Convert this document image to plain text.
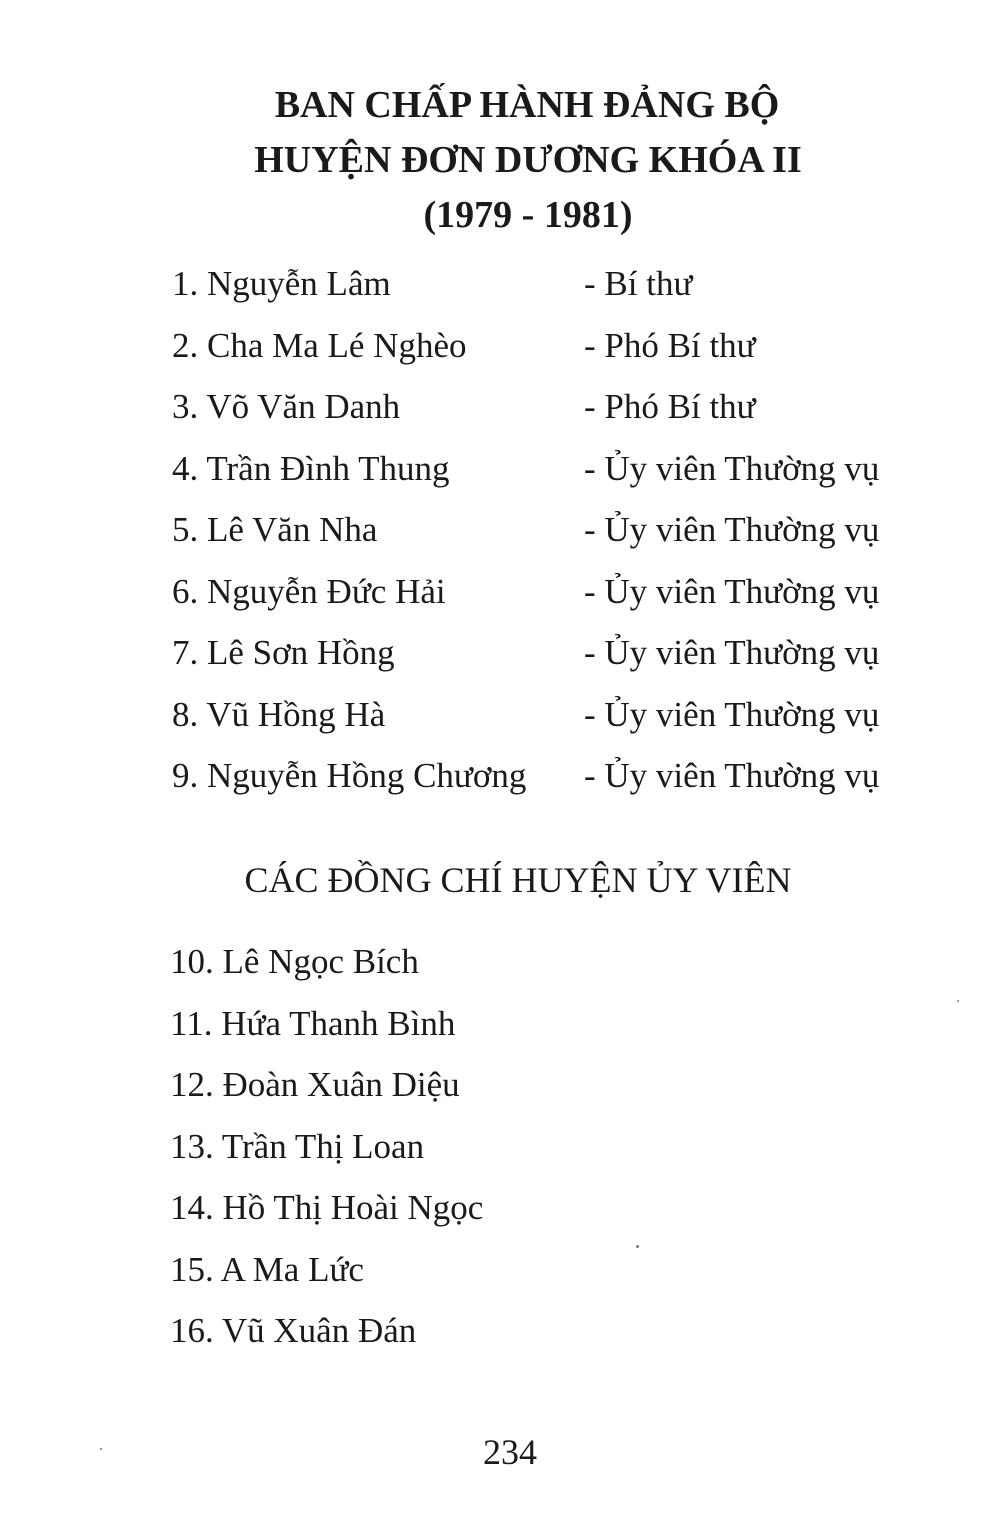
BAN CHẤP HÀNH ĐẢNG BỘ
HUYỆN ĐƠN DƯƠNG KHÓA II
(1979 - 1981)
1. Nguyễn Lâm	- Bí thư
2. Cha Ma Lé Nghèo	- Phó Bí thư
3. Võ Văn Danh	- Phó Bí thư
4. Trần Đình Thung	- Ủy viên Thường vụ
5. Lê Văn Nha	- Ủy viên Thường vụ
6. Nguyễn Đức Hải	- Ủy viên Thường vụ
7. Lê Sơn Hồng	- Ủy viên Thường vụ
8. Vũ Hồng Hà	- Ủy viên Thường vụ
9. Nguyễn Hồng Chương - Ủy viên Thường vụ
CÁC ĐỒNG CHÍ HUYỆN ỦY VIÊN
10. Lê Ngọc Bích
11. Hứa Thanh Bình
12. Đoàn Xuân Diệu
13. Trần Thị Loan
14. Hồ Thị Hoài Ngọc
15. A Ma Lức
16. Vũ Xuân Đán
234
